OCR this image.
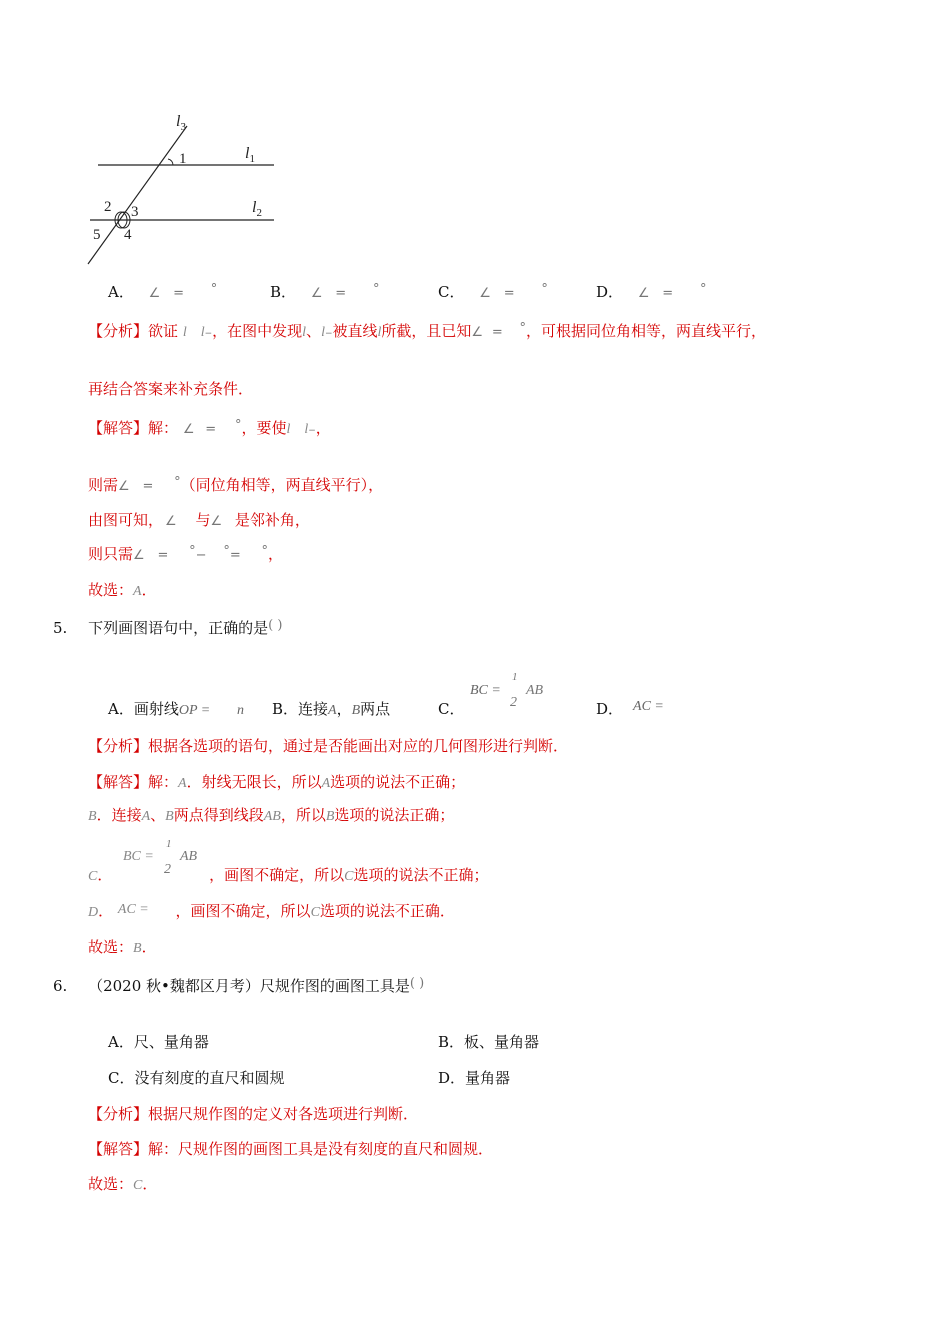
$l_3$
$l_1$
$l_2$
1
2 3
4
5
A． ∠ = °	B． ∠ = °	C． ∠ = °	D． ∠ = °
【分析】欲证 l l−，在图中发现l、l−被直线l所截，且已知∠ = °，可根据同位角相等，两直线平行，
再结合答案来补充条件．
【解答】解： ∠ = °，要使l l−，
则需∠ = °（同位角相等，两直线平行），
由图可知， ∠ 与∠ 是邻补角，
则只需∠ = °− °= °，
故选：A．
5. 下列画图语句中，正确的是( )
A．画射线OP = n B．连接A，B两点	C．
BC =
1
2
AB
D． AC =
【分析】根据各选项的语句，通过是否能画出对应的几何图形进行判断．
【解答】解：A．射线无限长，所以A选项的说法不正确；
B．连接A、B两点得到线段AB，所以B选项的说法正确；
C．	，画图不确定，所以C选项的说法不正确；
BC =
1
2
AB
D． AC = ，画图不确定，所以C选项的说法不正确．
故选：B．
6. （2020 秋•魏都区月考）尺规作图的画图工具是( )
A．尺、量角器	B．板、量角器
C．没有刻度的直尺和圆规	D．量角器
【分析】根据尺规作图的定义对各选项进行判断．
【解答】解：尺规作图的画图工具是没有刻度的直尺和圆规．
故选：C．
